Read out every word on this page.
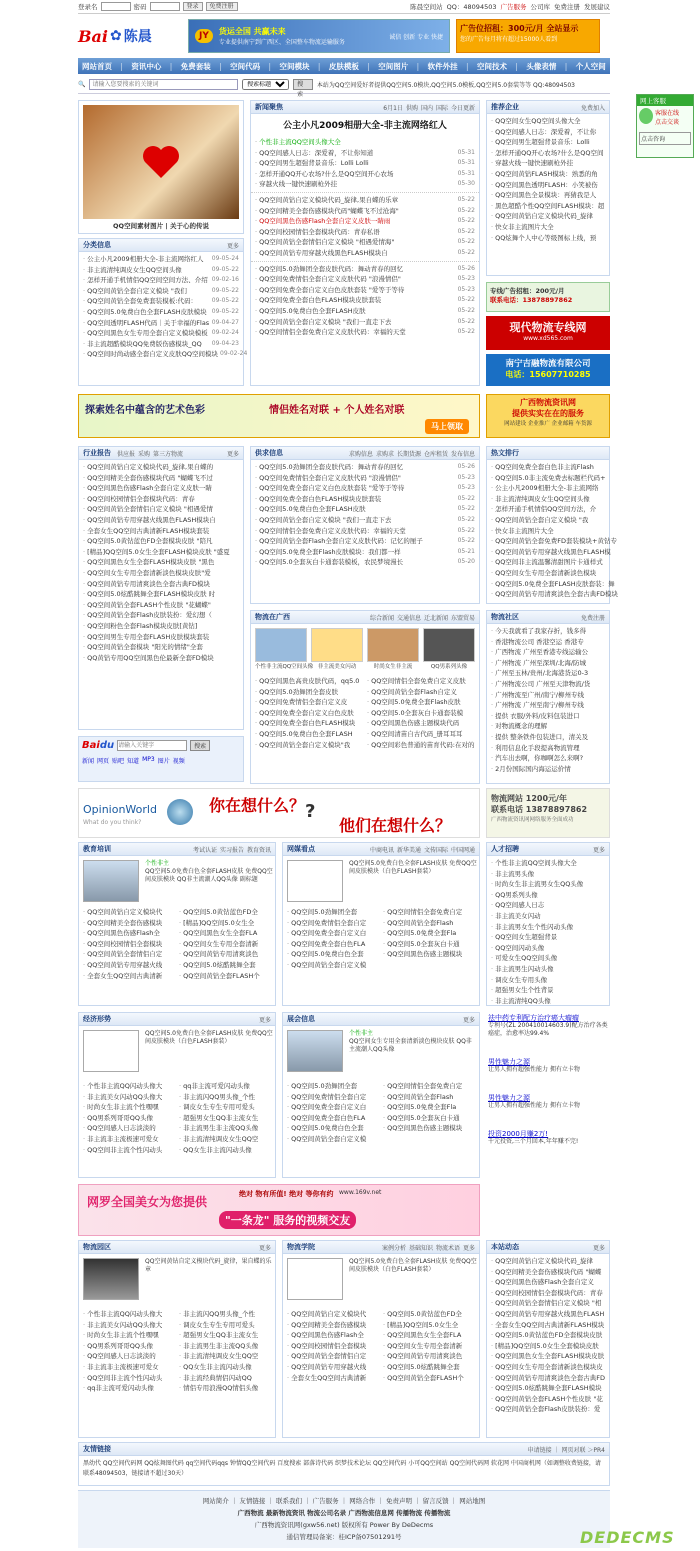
登录名	密码	登录	免费注册	陈晨空间站 QQ：48094503 广告服务 公司库 免费注册 发展建议
Bai ✿ 陈晨	JY	货运全国 共赢未来
专业提供南宁到广西区、全国整车物流运输服务
诚信 创新 专业 快捷
广告位招租：300元/月 全站显示
您的广告每月将有超过15000人看到
网站首页 | 资讯中心 | 免费套装 | 空间代码 | 空间模块 | 皮肤模板 | 空间图片 | 软件外挂 | 空间技术 | 头像表情 | 个人空间
🔍
请输入您要搜索的关键词
搜索标题	搜索
本站为QQ空间爱好者提供QQ空间5.0模块,QQ空间5.0模板,QQ空间5.0套装等等 QQ:48094503
网上客服
客服在线
点击交谈
点击咨询
QQ空间素材图片 | 关于心的传说
分类信息	更多
· 公主小凡2009相册大全-非主流网络红人	09-05-24
· 非主流清纯调皮女生QQ空间头像	09-05-22
· 怎样开通手机情侣QQ空间空间方法、介绍 09-02-16
· QQ空间黄钻全套自定义模块 "我们	09-05-22
· QQ空间黄钻全套免费套装模板:代码：	09-05-22
· QQ空间5.0免费白色全套FLASH皮肤模块 09-05-22
· QQ空间透明FLASH代码｜关于幸福的Flas 09-04-27
· QQ空间黑色女生专用全套自定义模块模板 09-02-24
· 非主流超酷模块QQ免费版伤感模块_QQ	09-04-23
· QQ空间时尚动感全套自定义皮肤QQ空间模块 09-02-24
新闻聚焦	6月1日 供购 国内 国际 今日更新
公主小凡2009相册大全-非主流网络红人
· 个性非主流QQ空间头像大全
· QQ空间感人日志：深爱着，不让你知道	05-31
· QQ空间男生超强背景音乐：Lolli Lolli	05-31
· 怎样开通QQ开心农场?什么是QQ空间开心农场	05-31
· 穿越火线一键快速刷枪外挂	05-30
· QQ空间黄钻自定义模块代码_旋律,果自蝶的乐章	05-22
· QQ空间精美全套伤感模块代码"蝴蝶飞不过沧海"	05-22
· QQ空间黑色伤感Flash全套自定义皮肤一睛雨	05-22
· QQ空间校园情侣全套模块代码：青春私语	05-22
· QQ空间黄钻全套情侣自定义模块 "相遇爱情海"	05-22
· QQ空间黄钻专用穿越火线黑色FLASH模块自	05-22
· QQ空间5.0劲舞团全套皮肤代码：舞动青春的回忆	05-26
· QQ空间免费情侣全套自定义皮肤代码 "浪漫情侣"	05-23
· QQ空间免费全套自定义白色皮肤套装 "爱等于等待	05-23
· QQ空间免费全套白色FLASH模块皮肤套装	05-22
· QQ空间5.0免费白色全套FLASH皮肤	05-22
· QQ空间黄钻全套自定义模块 "我们一直走下去	05-22
· QQ空间情侣全套免费自定义皮肤代码：幸福的天堂	05-22
推荐企业	免费加入
· QQ空间女生QQ空间头像大全
· QQ空间感人日志：深爱着，不让你
· QQ空间男生超强背景音乐：Lolli
· 怎样开通QQ开心农场?什么是QQ空间
· 穿越火线一键快速刷枪外挂
· QQ空间黄钻FLASH模块：熟悉的角
· QQ空间黑色透明FLASH：小笑被伤
· QQ空间黑色全景模块：再猜我是人
· 黑色超酷个性QQ空间FLASH模块：超
· QQ空间黄钻自定义模块代码_旋律
· 快女非主流图片大全
· QQ炫舞个人中心等级图标上线，预
专线广告招租：200元/月
联系电话：13878897862
现代物流专线网
www.xd565.com
南宁吉融物流有限公司
电话：15607710285
探索姓名中蕴含的艺术色彩	情侣姓名对联 + 个人姓名对联
马上领取
广西物流资讯网
提供实实在在的服务
网站建设 企业推广 企业邮箱 车货源
行业报告 供应报 采购 第三方物流	更多
· QQ空间黄钻自定义模块代码_旋律,果自蝶的
· QQ空间精美全套伤感模块代码 "蝴蝶飞不过
· QQ空间黑色伤感Flash全套自定义皮肤一睛
· QQ空间校园情侣全套模块代码：青春
· QQ空间黄钻全套情侣自定义模块 "相遇爱情
· QQ空间黄钻专用穿越火线黑色FLASH模块自
· 全套女生QQ空间古典清新FLASH模块套装
· QQ空间5.0黄钻蓝色FD全套模块皮肤 "陪凡
· [精品]QQ空间5.0女生全套FLASH模块皮肤 "盛夏
· QQ空间黑色女生全套FLASH模块皮肤 "黑色
· QQ空间女生专用全套清新淡色模块皮肤"爱
· QQ空间黄钻专用清爽淡色全套古典FD模块
· QQ空间5.0炫酷跳舞全套FLASH模块皮肤 时
· QQ空间黄钻全套FLASH个性皮肤 "花蝴蝶"
· QQ空间黄钻全套Flash皮肤装扮：爱幻想（
· QQ空间粉色全套Flash模块皮肤[黄钻]
· QQ空间男生专用全套FLASH皮肤模块套装
· QQ空间黄钻全套模块 "阳光的情绪"全套
· QQ黄钻专用QQ空间黑色伦最新全套FD模块
供求信息	求购信息 求购求 长期货源 仓库租赁 发布信息
· QQ空间5.0劲舞团全套皮肤代码：舞动青春的回忆	05-26
· QQ空间免费情侣全套自定义皮肤代码 "浪漫情侣"	05-23
· QQ空间免费全套自定义白色皮肤套装 "爱等于等待	05-23
· QQ空间免费全套白色FLASH模块皮肤套装	05-22
· QQ空间5.0免费白色全套FLASH皮肤	05-22
· QQ空间黄钻全套自定义模块 "我们一直走下去	05-22
· QQ空间情侣全套免费自定义皮肤代码：幸福的天堂	05-22
· QQ空间黄钻全套Flash全套自定义皮肤代码：记忆的厘子	05-22
· QQ空间5.0免费全套Flash皮肤模块：我们都一样	05-21
· QQ空间5.0全套灰白卡通套装模板，农民梦境漫长	05-20
热文排行
· QQ空间免费全套白色非主流Flash
· QQ空间5.0非主流免费去标题栏代码+
· 公主小凡2009相册大全-非主流网络
· 非主流清纯调皮女生QQ空间头像
· 怎样开通手机情侣QQ空间方法，介
· QQ空间黄钻全套自定义模块 "我
· 快女非主流图片大全
· QQ空间黄钻全套免费FD套装模块+黄钻专
· QQ空间黄钻专用穿越火线黑色FLASH模
· QQ空间非主流温馨清甜图片卡通样式
· QQ空间女生专用全套清新淡色模块
· QQ空间5.0免费全套FLASH皮肤套装：舞
· QQ空间黄钻专用清爽淡色全套古典FD模块
物流在广西	综合新闻 交通信息 迁北新闻 东盟贸易
个性非主流QQ空间头像 非主流美女闪动	时尚女生非主流	QQ男系列头像
· QQ空间黑色高贵皮肤代码，qq5.0
· QQ空间5.0劲舞团全套皮肤
· QQ空间免费情侣全套自定义皮
· QQ空间免费全套自定义白色皮肤
· QQ空间免费全套白色FLASH模块
· QQ空间5.0免费白色全套FLASH
· QQ空间黄钻全套自定义模块"我
· QQ空间情侣全套免费自定义皮肤
· QQ空间黄钻全套Flash自定义
· QQ空间5.0免费全套Flash皮肤
· QQ空间5.0全套灰白卡通套装模
· QQ空间黑色伤感主题模块代码
· QQ空间清苗自古代码_册耳耳耳
· QQ空间彩色普通的苗育代码:在对的
物流社区	免费注册
· 今天我就看了我家存折，钱多得
· 香港物流公司 香港空运 香港专
· 广西物流 广州至香港专线运输公
· 广州物流 广州至深圳/北海/防城
· 广州至玉林/贵州/北海港货运0-3
· 广州物流公司 广州至天津物流/货
· 广州物流至广州/南宁/柳州专线
· 广州物流 广州至南宁/柳州专线
· 提供 衣服/外料/皮料包装进口
· 对物流概念的理解
· 提供 整条铁件包装进口，清关及
· 利用信息化手段提高物流管理
· 汽车出去啊，你咖啊怎么来啊?
· 2月份国际国内海运运价情
Baidu
请输入关键字	搜索
新闻 网页 贴吧 知道 MP3 图片 视频
OpinionWorld
What do you think?
你在想什么？
他们在想什么？
?
物流网站 1200元/年
联系电话 13878897862
广西物流资讯网网络服务全面成功
教育培训	考试认证 实习报告 教育资讯
个性非主
QQ空间5.0免费白色全套FLASH皮肤 免费QQ空间皮肤模块 QQ非主流潮人QQ头像 副标题
· QQ空间黄钻自定义模块代
· QQ空间精美全套伤感模块
· QQ空间黑色伤感Flash全
· QQ空间校园情侣全套模块
· QQ空间黄钻全套情侣自定
· QQ空间黄钻专用穿越火线
· 全套女生QQ空间古典清新
· QQ空间5.0黄钻蓝色FD全
· [精品]QQ空间5.0女生全
· QQ空间黑色女生全套FLA
· QQ空间女生专用全套清新
· QQ空间黄钻专用清爽淡色
· QQ空间5.0炫酷跳舞全套
· QQ空间黄钻全套FLASH个
网媒看点	中商电讯 新华美通 文传国际 中国网通
QQ空间5.0免费白色全套FLASH皮肤 免费QQ空间皮肤模块（白色FLASH套装）
· QQ空间5.0劲舞团全套
· QQ空间免费情侣全套自定
· QQ空间免费全套自定义白
· QQ空间免费全套白色FLA
· QQ空间5.0免费白色全套
· QQ空间黄钻全套自定义模
· QQ空间情侣全套免费自定
· QQ空间黄钻全套Flash
· QQ空间5.0免费全套Fla
· QQ空间5.0全套灰白卡通
· QQ空间黑色伤感主题模块
人才招聘	更多
· 个性非主流QQ空间头像大全
· 非主流男头像
· 时尚女生非主流男女生QQ头像
· QQ男系列头像
· QQ空间感人日志
· 非主流美女闪动
· 非主流男女生个性闪动头像
· QQ空间女生超强背景
· QQ空间闪动头像
· 可爱女生QQ空间头像
· 非主流男生闪动头像
· 调皮女生专用头像
· 超强男女生个性背景
· 非主流清纯QQ头像
经济形势	更多
QQ空间5.0免费白色全套FLASH皮肤 免费QQ空间皮肤模块（白色FLASH套装）
· 个性非主流QQ闪动头像大
· 非主流美女闪动QQ头像大
· 时尚女生非主流个性嘿嘿
· QQ男系列哥哥QQ头像
· QQ空间感人日志淡淡的
· 非主流非主流极速可爱女
· QQ空间非主流个性闪动头
· qq非主流可爱闪动头像
· 非主流闪QQ男头像_个性
· 调皮女生专生专用可爱头
· 超强男女生QQ非主流女生
· 非主流男生非主流QQ头像
· 非主流清纯调皮女生QQ空
· QQ女生非主流闪动头像
展会信息	更多
个性非主
QQ空间女生专用全套清新淡色模块皮肤 QQ非主流潮人QQ头像
· QQ空间5.0劲舞团全套
· QQ空间免费情侣全套自定
· QQ空间免费全套自定义白
· QQ空间免费全套白色FLA
· QQ空间5.0免费白色全套
· QQ空间黄钻全套自定义模
· QQ空间情侣全套免费自定
· QQ空间黄钻全套Flash
· QQ空间5.0免费全套Fla
· QQ空间5.0全套灰白卡通
· QQ空间黑色伤感主题模块
祛中药专利配方治疗癌大瘤瘤
专利号(ZL 200410014603.9)配方治疗各类癌症，治愈率达99.4%
男性魅力之源
让男人拥有超强性能力 拥有立卡物
男性魅力之源
让男人拥有超强性能力 拥有立卡物
投资2000月赚2万!
千元投资,三个月回本,年年赚不完!
网罗全国美女为您提供
绝对 物有所值! 绝对 等你有约
"一条龙" 服务的视频交友
www.169v.net
物流园区	更多
QQ空间黄钻自定义模块代码_旋律，果自蝶的乐章
· 个性非主流QQ闪动头像大
· 非主流美女闪动QQ头像大
· 时尚女生非主流个性嘿嘿
· QQ男系列哥哥QQ头像
· QQ空间感人日志淡淡的
· 非主流非主流极速可爱女
· QQ空间非主流个性闪动头
· qq非主流可爱闪动头像
· 非主流闪QQ男头像_个性
· 调皮女生专生专用可爱头
· 超强男女生QQ非主流女生
· 非主流男生非主流QQ头像
· 非主流清纯调皮女生QQ空
· QQ女生非主流闪动头像
· 非主流经典情侣闪动QQ
· 情侣专用浪漫QQ情侣头像
物流学院	案例分析 基础知识 物流术语 更多
QQ空间5.0免费白色全套FLASH皮肤 免费QQ空间皮肤模块（白色FLASH套装）
· QQ空间黄钻自定义模块代
· QQ空间精美全套伤感模块
· QQ空间黑色伤感Flash全
· QQ空间校园情侣全套模块
· QQ空间黄钻全套情侣自定
· QQ空间黄钻专用穿越火线
· 全套女生QQ空间古典清新
· QQ空间5.0黄钻蓝色FD全
· [精品]QQ空间5.0女生全
· QQ空间黑色女生全套FLA
· QQ空间女生专用全套清新
· QQ空间黄钻专用清爽淡色
· QQ空间5.0炫酷跳舞全套
· QQ空间黄钻全套FLASH个
本站动态	更多
· QQ空间黄钻自定义模块代码_旋律
· QQ空间精美全套伤感模块代码 "蝴蝶
· QQ空间黑色伤感Flash全套自定义
· QQ空间校园情侣全套模块代码：青春
· QQ空间黄钻全套情侣自定义模块 "相
· QQ空间黄钻专用穿越火线黑色FLASH
· 全套女生QQ空间古典清新FLASH模块
· QQ空间5.0黄钻蓝色FD全套模块皮肤
· [精品]QQ空间5.0女生全套模块皮肤
· QQ空间黑色女生全套FLASH模块皮肤
· QQ空间女生专用全套清新淡色模块皮
· QQ空间黄钻专用清爽淡色全套古典FD
· QQ空间5.0炫酷跳舞全套FLASH模块
· QQ空间黄钻全套FLASH个性皮肤 "花
· QQ空间黄钻全套Flash皮肤装扮：爱
友情链接	申请链接 ｜ 网页对联 ＞PR4
黑幼代 QQ空间代码网 QQ炫舞图代码 qq空间代码qqs 钟情QQ空间代码 百度搜索 部落诗代码 织梦技术论坛 QQ空间代码 小可QQ空间站 QQ空间代码网 软花网 中国商机网（如调整收费链接，请联系48094503，链接请不超过30天）
网站简介 ｜ 友情链接 ｜ 联系我们 ｜ 广告服务 ｜ 网络合作 ｜ 免责声明 ｜ 留言反馈 ｜ 网站地图
广西物流 最新物流资讯 物流公司名录 广西物流信息网 传播物流 传播物流
广西物流资讯网(gxw56.net) 版权所有 Power By DeDecms
通信管理局备案：桂ICP备07501291号	DEDECMS
